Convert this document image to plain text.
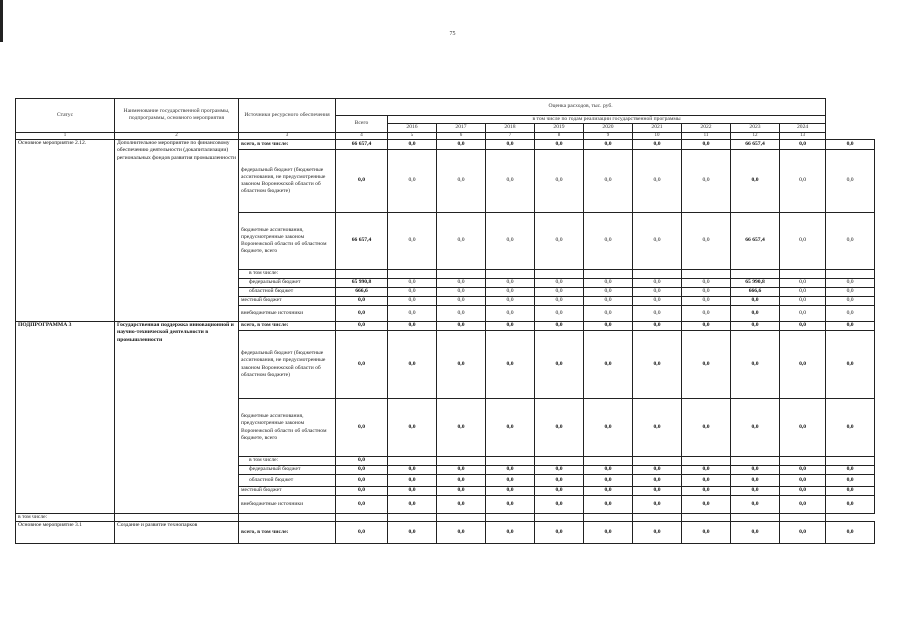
75
Статус	Наименование государственной программы, подпрограммы, основного мероприятия	Источники ресурсного обеспечения	Оценка расходов, тыс. руб.										
			Всего	в том числе по годам реализации государственной программы									
				2016	2017	2018	2019	2020	2021	2022	2023	2024	
1	2	3	4	5	6	7	8	9	10	11	12	13	
Основное мероприятие 2.12.	Дополнительное мероприятие по финансовому обеспечению деятельности (докапитализации) региональных фондов развития промышленности	всего, в том числе:	66 657,4	0,0	0,0	0,0	0,0	0,0	0,0	0,0	66 657,4	0,0	0,0
		федеральный бюджет (бюджетные ассигнования, не предусмотренные законом Воронежской области об областном бюджете)	0,0	0,0	0,0	0,0	0,0	0,0	0,0	0,0	0,0	0,0	0,0
		бюджетные ассигнования, предусмотренные законом Воронежской области об областном бюджете, всего	66 657,4	0,0	0,0	0,0	0,0	0,0	0,0	0,0	66 657,4	0,0	0,0
		в том числе:											
		федеральный бюджет	65 990,8	0,0	0,0	0,0	0,0	0,0	0,0	0,0	65 990,8	0,0	0,0
		областной бюджет	666,6	0,0	0,0	0,0	0,0	0,0	0,0	0,0	666,6	0,0	0,0
		местный бюджет	0,0	0,0	0,0	0,0	0,0	0,0	0,0	0,0	0,0	0,0	0,0
		внебюджетные источники	0,0	0,0	0,0	0,0	0,0	0,0	0,0	0,0	0,0	0,0	0,0
ПОДПРОГРАММА 3	Государственная поддержка инновационной и научно-технической деятельности в промышленности	всего, в том числе:	0,0	0,0	0,0	0,0	0,0	0,0	0,0	0,0	0,0	0,0	0,0
		федеральный бюджет (бюджетные ассигнования, не предусмотренные законом Воронежской области об областном бюджете)	0,0	0,0	0,0	0,0	0,0	0,0	0,0	0,0	0,0	0,0	0,0
		бюджетные ассигнования, предусмотренные законом Воронежской области об областном бюджете, всего	0,0	0,0	0,0	0,0	0,0	0,0	0,0	0,0	0,0	0,0	0,0
		в том числе:	0,0										
		федеральный бюджет	0,0	0,0	0,0	0,0	0,0	0,0	0,0	0,0	0,0	0,0	0,0
		областной бюджет	0,0	0,0	0,0	0,0	0,0	0,0	0,0	0,0	0,0	0,0	0,0
		местный бюджет	0,0	0,0	0,0	0,0	0,0	0,0	0,0	0,0	0,0	0,0	0,0
		внебюджетные источники	0,0	0,0	0,0	0,0	0,0	0,0	0,0	0,0	0,0	0,0	0,0
в том числе:													
Основное мероприятие 3.1	Создание и развитие технопарков	всего, в том числе:	0,0	0,0	0,0	0,0	0,0	0,0	0,0	0,0	0,0	0,0	0,0
